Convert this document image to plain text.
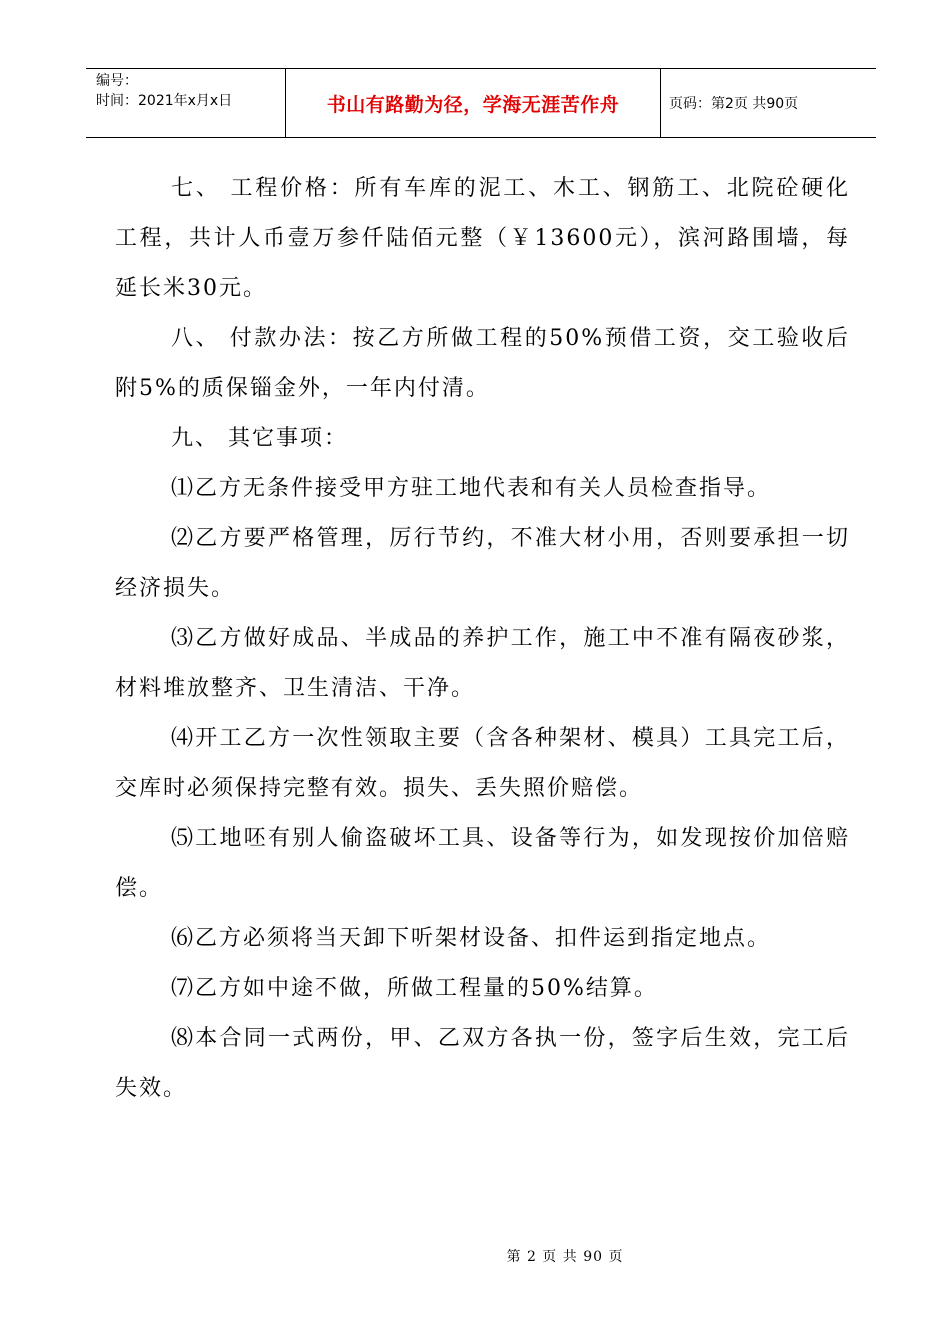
编号：
时间：2021年x月x日	书山有路勤为径，学海无涯苦作舟	页码：第2页 共90页

七、 工程价格：所有车库的泥工、木工、钢筋工、北院砼硬化工程，共计人币壹万参仟陆佰元整（￥13600元），滨河路围墙，每延长米30元。

八、 付款办法：按乙方所做工程的50%预借工资，交工验收后附5%的质保锱金外，一年内付清。

九、 其它事项：

⑴乙方无条件接受甲方驻工地代表和有关人员检查指导。

⑵乙方要严格管理，厉行节约，不准大材小用，否则要承担一切经济损失。

⑶乙方做好成品、半成品的养护工作，施工中不准有隔夜砂浆，材料堆放整齐、卫生清洁、干净。

⑷开工乙方一次性领取主要（含各种架材、模具）工具完工后，交库时必须保持完整有效。损失、丢失照价赔偿。

⑸工地呸有别人偷盗破坏工具、设备等行为，如发现按价加倍赔偿。

⑹乙方必须将当天卸下听架材设备、扣件运到指定地点。

⑺乙方如中途不做，所做工程量的50%结算。

⑻本合同一式两份，甲、乙双方各执一份，签字后生效，完工后失效。

第 2 页 共 90 页
